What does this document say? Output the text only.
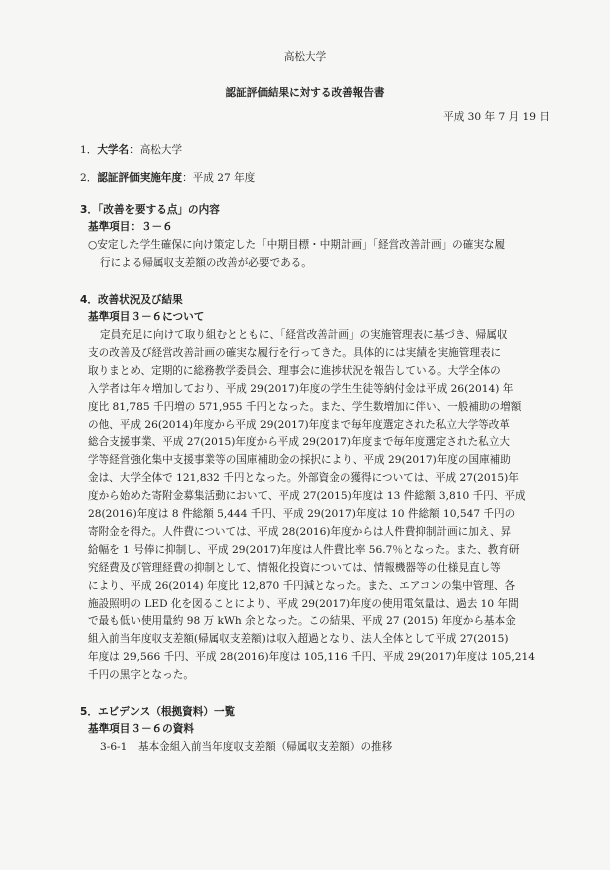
高松大学
認証評価結果に対する改善報告書
平成 30 年 7 月 19 日
1．大学名：高松大学
2．認証評価実施年度：平成 27 年度
3．「改善を要する点」の内容
基準項目：３－６
○安定した学生確保に向け策定した「中期目標・中期計画」「経営改善計画」の確実な履
行による帰属収支差額の改善が必要である。
4．改善状況及び結果
基準項目３－６について
定員充足に向けて取り組むとともに、「経営改善計画」の実施管理表に基づき、帰属収
支の改善及び経営改善計画の確実な履行を行ってきた。具体的には実績を実施管理表に
取りまとめ、定期的に総務教学委員会、理事会に進捗状況を報告している。大学全体の
入学者は年々増加しており、平成 29(2017)年度の学生生徒等納付金は平成 26(2014) 年
度比 81,785 千円増の 571,955 千円となった。また、学生数増加に伴い、一般補助の増額
の他、平成 26(2014)年度から平成 29(2017)年度まで毎年度選定された私立大学等改革
総合支援事業、平成 27(2015)年度から平成 29(2017)年度まで毎年度選定された私立大
学等経営強化集中支援事業等の国庫補助金の採択により、平成 29(2017)年度の国庫補助
金は、大学全体で 121,832 千円となった。外部資金の獲得については、平成 27(2015)年
度から始めた寄附金募集活動において、平成 27(2015)年度は 13 件総額 3,810 千円、平成
28(2016)年度は 8 件総額 5,444 千円、平成 29(2017)年度は 10 件総額 10,547 千円の
寄附金を得た。人件費については、平成 28(2016)年度からは人件費抑制計画に加え、昇
給幅を 1 号俸に抑制し、平成 29(2017)年度は人件費比率 56.7％となった。また、教育研
究経費及び管理経費の抑制として、情報化投資については、情報機器等の仕様見直し等
により、平成 26(2014) 年度比 12,870 千円減となった。また、エアコンの集中管理、各
施設照明の LED 化を図ることにより、平成 29(2017)年度の使用電気量は、過去 10 年間
で最も低い使用量約 98 万 kWh 余となった。この結果、平成 27 (2015) 年度から基本金
組入前当年度収支差額(帰属収支差額)は収入超過となり、法人全体として平成 27(2015)
年度は 29,566 千円、平成 28(2016)年度は 105,116 千円、平成 29(2017)年度は 105,214
千円の黒字となった。
5．エビデンス（根拠資料）一覧
基準項目３－６の資料
3-6-1　基本金組入前当年度収支差額（帰属収支差額）の推移
